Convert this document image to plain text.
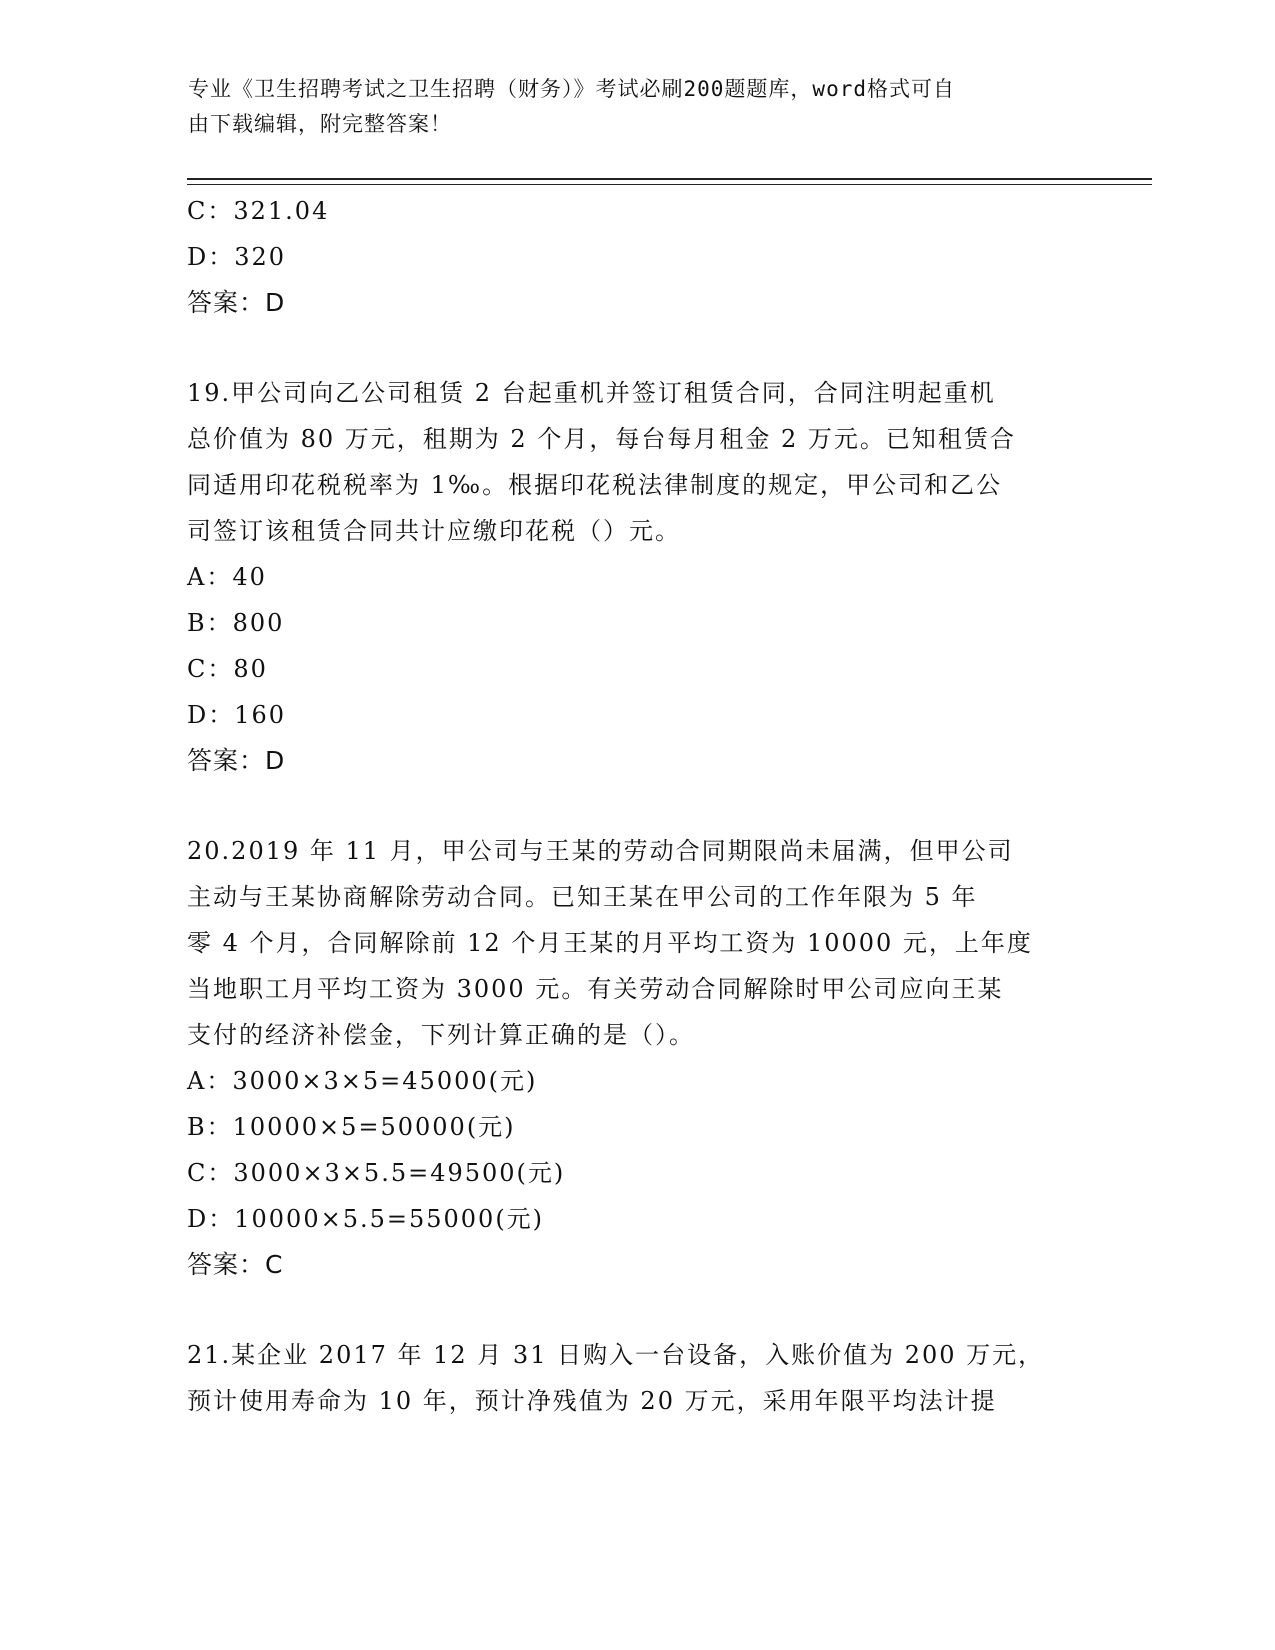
专业《卫生招聘考试之卫生招聘（财务）》考试必刷200题题库，word格式可自
由下载编辑，附完整答案！
C：321.04
D：320
答案：D
19.甲公司向乙公司租赁 2 台起重机并签订租赁合同，合同注明起重机
总价值为 80 万元，租期为 2 个月，每台每月租金 2 万元。已知租赁合
同适用印花税税率为 1‰。根据印花税法律制度的规定，甲公司和乙公
司签订该租赁合同共计应缴印花税（）元。
A：40
B：800
C：80
D：160
答案：D
20.2019 年 11 月，甲公司与王某的劳动合同期限尚未届满，但甲公司
主动与王某协商解除劳动合同。已知王某在甲公司的工作年限为 5 年
零 4 个月，合同解除前 12 个月王某的月平均工资为 10000 元，上年度
当地职工月平均工资为 3000 元。有关劳动合同解除时甲公司应向王某
支付的经济补偿金，下列计算正确的是（）。
A：3000×3×5=45000(元)
B：10000×5=50000(元)
C：3000×3×5.5=49500(元)
D：10000×5.5=55000(元)
答案：C
21.某企业 2017 年 12 月 31 日购入一台设备，入账价值为 200 万元，
预计使用寿命为 10 年，预计净残值为 20 万元，采用年限平均法计提
